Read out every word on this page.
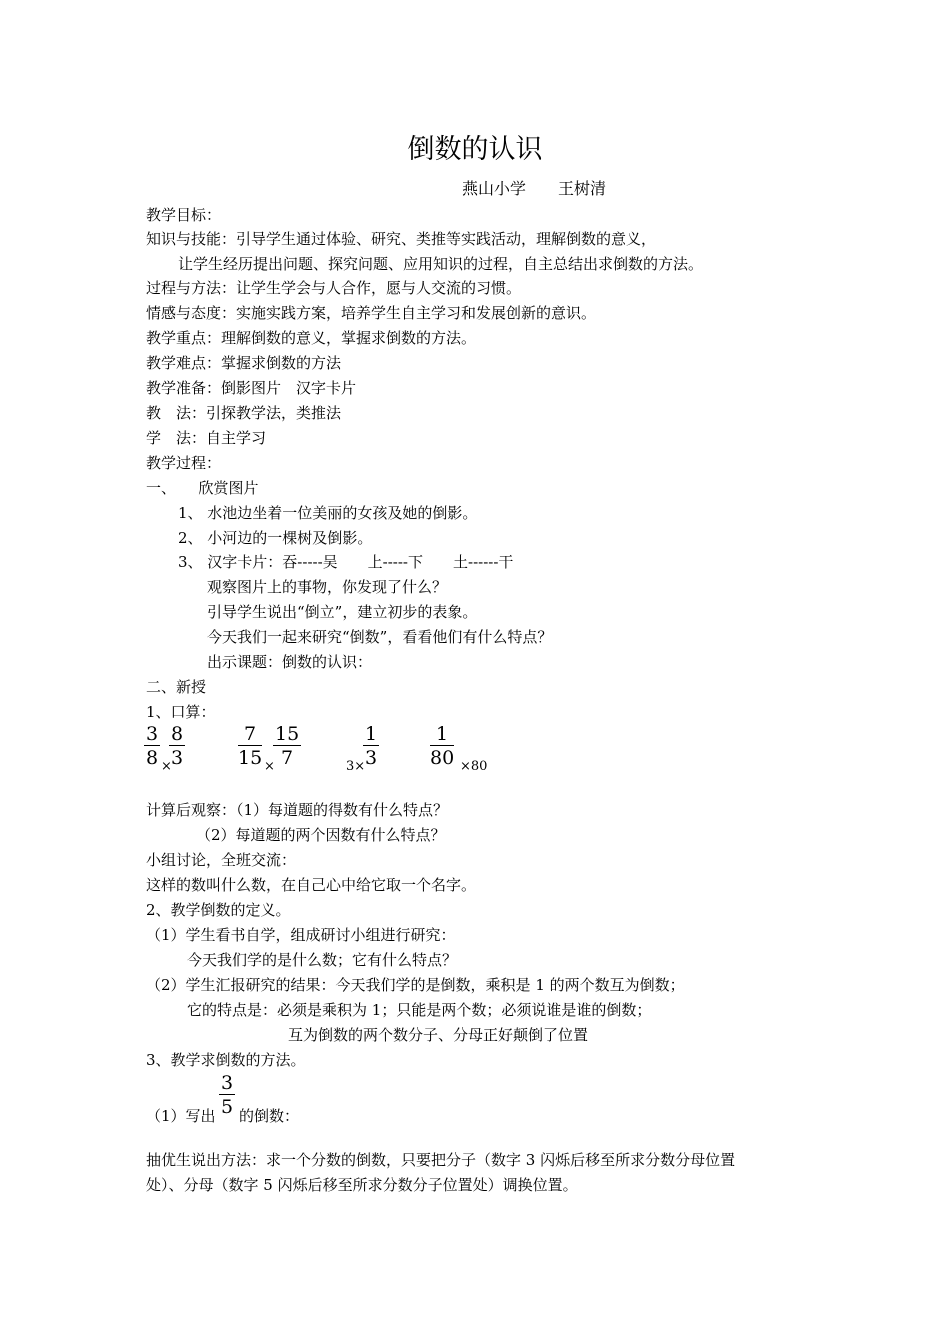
倒数的认识
燕山小学　　王树清
教学目标：
知识与技能：引导学生通过体验、研究、类推等实践活动，理解倒数的意义，
让学生经历提出问题、探究问题、应用知识的过程，自主总结出求倒数的方法。
过程与方法：让学生学会与人合作，愿与人交流的习惯。
情感与态度：实施实践方案，培养学生自主学习和发展创新的意识。
教学重点：理解倒数的意义，掌握求倒数的方法。
教学难点：掌握求倒数的方法
教学准备：倒影图片　汉字卡片
教　法：引探教学法，类推法
学　法：自主学习
教学过程：
一、　　欣赏图片
1、 水池边坐着一位美丽的女孩及她的倒影。
2、 小河边的一棵树及倒影。
3、 汉字卡片：吞-----吴　　上-----下　　土------干
观察图片上的事物，你发现了什么？
引导学生说出“倒立”，建立初步的表象。
今天我们一起来研究“倒数”，看看他们有什么特点？
出示课题：倒数的认识：
二、新授
1、口算：
3
8
8
3
×
7
15 ×
15
7	3×
1
3
1
80 ×80
计算后观察：（1）每道题的得数有什么特点？
（2）每道题的两个因数有什么特点？
小组讨论，全班交流：
这样的数叫什么数，在自己心中给它取一个名字。
2、教学倒数的定义。
（1）学生看书自学，组成研讨小组进行研究：
今天我们学的是什么数；它有什么特点？
（2）学生汇报研究的结果：今天我们学的是倒数，乘积是 1 的两个数互为倒数；
它的特点是：必须是乘积为 1；只能是两个数；必须说谁是谁的倒数；
互为倒数的两个数分子、分母正好颠倒了位置
3、教学求倒数的方法。
（1）写出
3
5 的倒数：
抽优生说出方法：求一个分数的倒数，只要把分子（数字 3 闪烁后移至所求分数分母位置
处）、分母（数字 5 闪烁后移至所求分数分子位置处）调换位置。
